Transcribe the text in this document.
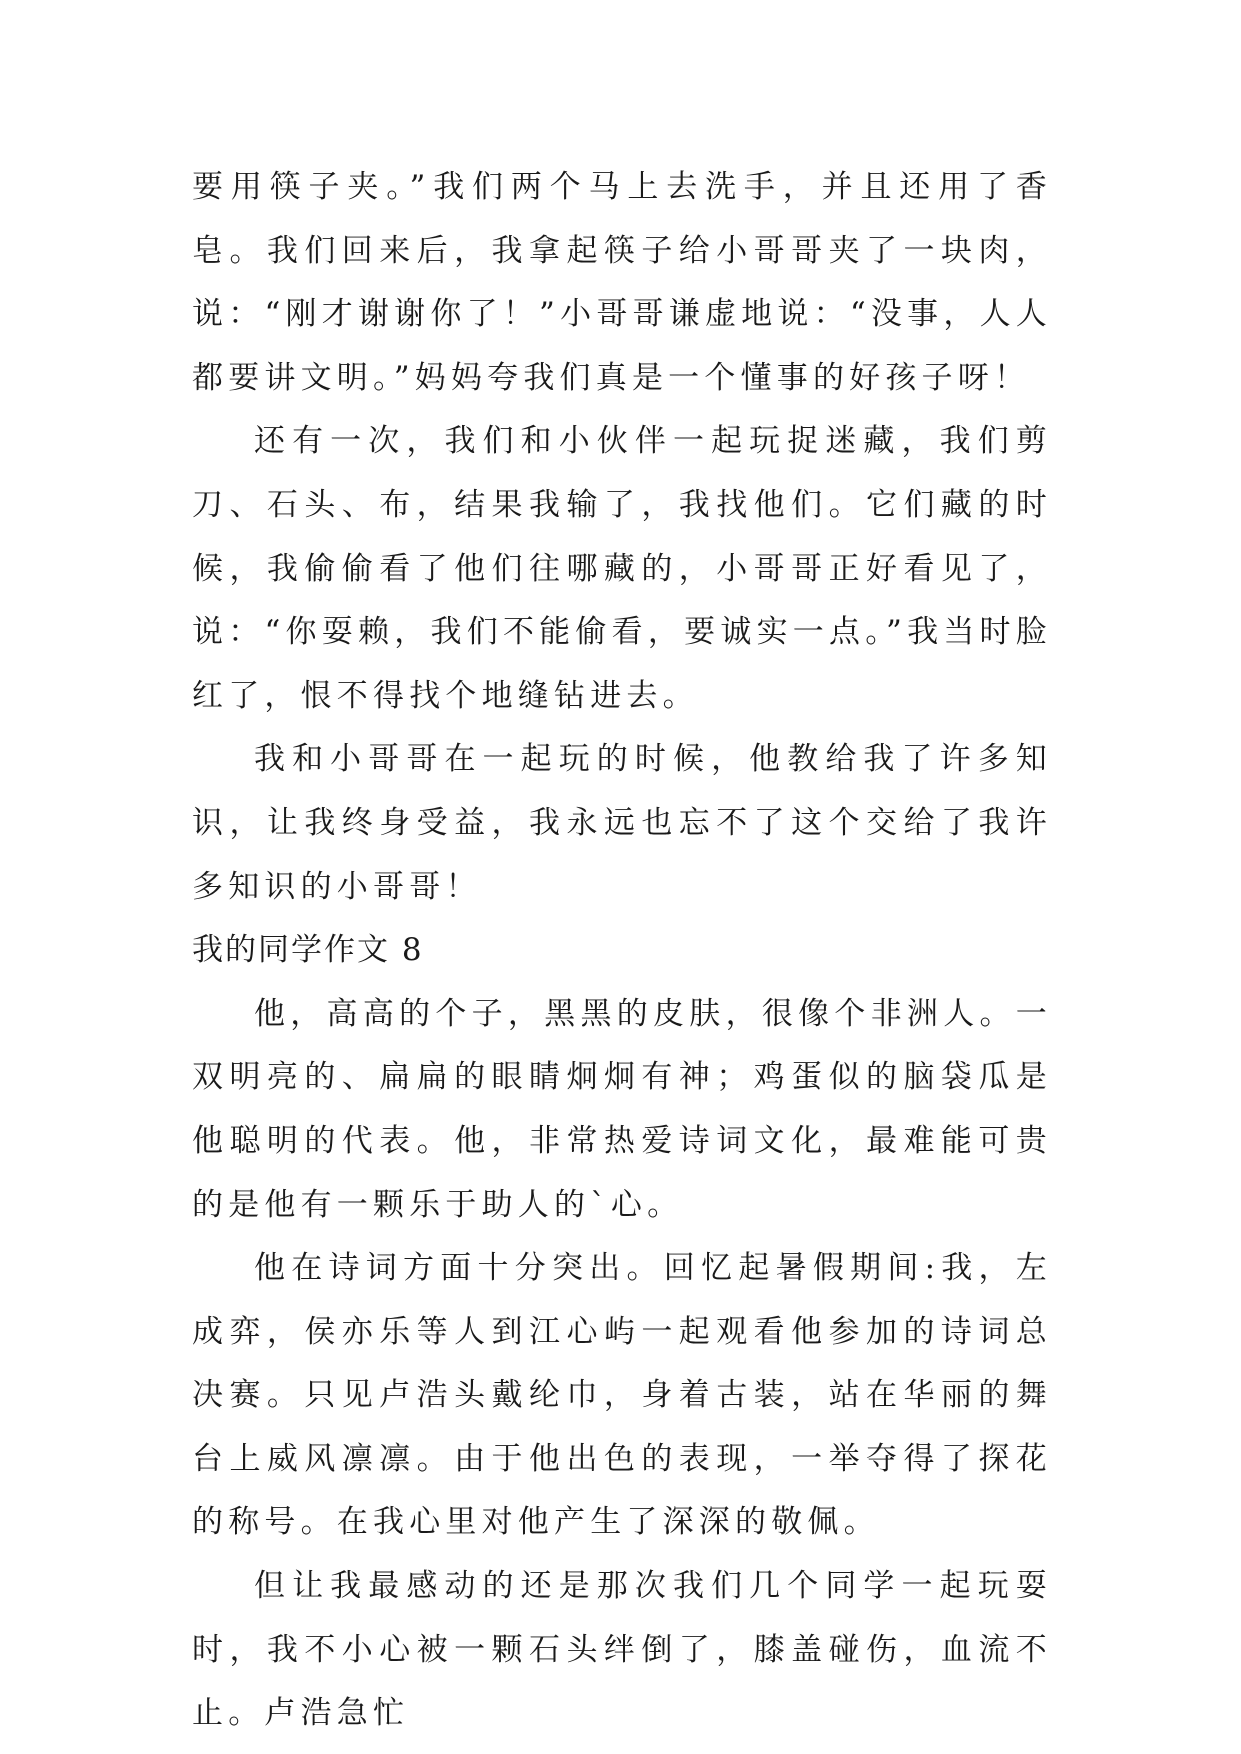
要用筷子夹。”我们两个马上去洗手，并且还用了香皂。我们回来后，我拿起筷子给小哥哥夹了一块肉，说：“刚才谢谢你了！”小哥哥谦虚地说：“没事，人人都要讲文明。”妈妈夸我们真是一个懂事的好孩子呀！

还有一次，我们和小伙伴一起玩捉迷藏，我们剪刀、石头、布，结果我输了，我找他们。它们藏的时候，我偷偷看了他们往哪藏的，小哥哥正好看见了，说：“你耍赖，我们不能偷看，要诚实一点。”我当时脸红了，恨不得找个地缝钻进去。

我和小哥哥在一起玩的时候，他教给我了许多知识，让我终身受益，我永远也忘不了这个交给了我许多知识的小哥哥！

我的同学作文 8

他，高高的个子，黑黑的皮肤，很像个非洲人。一双明亮的、扁扁的眼睛炯炯有神；鸡蛋似的脑袋瓜是他聪明的代表。他，非常热爱诗词文化，最难能可贵的是他有一颗乐于助人的`心。

他在诗词方面十分突出。回忆起暑假期间:我，左成弈，侯亦乐等人到江心屿一起观看他参加的诗词总决赛。只见卢浩头戴纶巾，身着古装，站在华丽的舞台上威风凛凛。由于他出色的表现，一举夺得了探花的称号。在我心里对他产生了深深的敬佩。

但让我最感动的还是那次我们几个同学一起玩耍时，我不小心被一颗石头绊倒了，膝盖碰伤，血流不止。卢浩急忙
